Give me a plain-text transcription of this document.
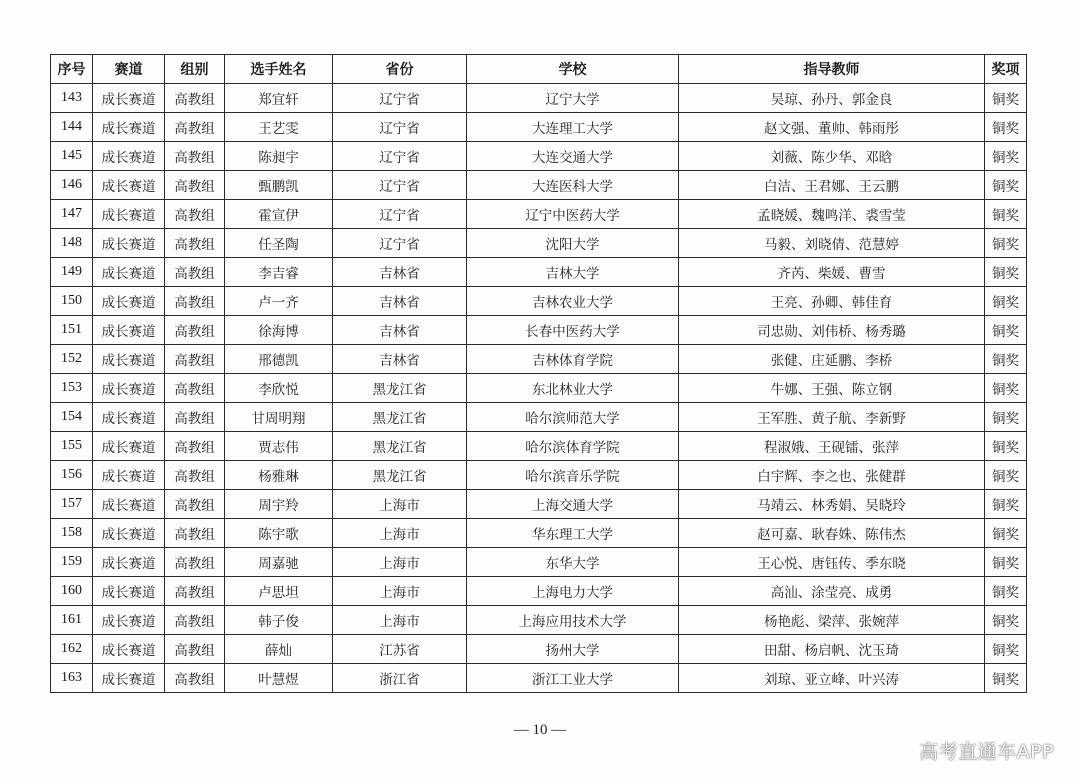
序号	赛道	组别	选手姓名	省份	学校	指导教师	奖项
143	成长赛道	高教组	郑宜轩	辽宁省	辽宁大学	吴琼、孙丹、郭金良	铜奖
144	成长赛道	高教组	王艺雯	辽宁省	大连理工大学	赵文强、董帅、韩雨彤	铜奖
145	成长赛道	高教组	陈昶宇	辽宁省	大连交通大学	刘薇、陈少华、邓晗	铜奖
146	成长赛道	高教组	甄鹏凯	辽宁省	大连医科大学	白洁、王君娜、王云鹏	铜奖
147	成长赛道	高教组	霍宣伊	辽宁省	辽宁中医药大学	孟晓媛、魏鸣洋、裘雪莹	铜奖
148	成长赛道	高教组	任圣陶	辽宁省	沈阳大学	马毅、刘晓倩、范慧婷	铜奖
149	成长赛道	高教组	李吉睿	吉林省	吉林大学	齐芮、柴媛、曹雪	铜奖
150	成长赛道	高教组	卢一齐	吉林省	吉林农业大学	王亮、孙卿、韩佳育	铜奖
151	成长赛道	高教组	徐海博	吉林省	长春中医药大学	司忠勋、刘伟桥、杨秀璐	铜奖
152	成长赛道	高教组	邢德凯	吉林省	吉林体育学院	张健、庄延鹏、李桥	铜奖
153	成长赛道	高教组	李欣悦	黑龙江省	东北林业大学	牛娜、王强、陈立钢	铜奖
154	成长赛道	高教组	甘周明翔	黑龙江省	哈尔滨师范大学	王军胜、黄子航、李新野	铜奖
155	成长赛道	高教组	贾志伟	黑龙江省	哈尔滨体育学院	程淑娥、王砚镭、张萍	铜奖
156	成长赛道	高教组	杨雅琳	黑龙江省	哈尔滨音乐学院	白宇辉、李之也、张健群	铜奖
157	成长赛道	高教组	周宇羚	上海市	上海交通大学	马靖云、林秀娟、吴晓玲	铜奖
158	成长赛道	高教组	陈宇歌	上海市	华东理工大学	赵可嘉、耿春姝、陈伟杰	铜奖
159	成长赛道	高教组	周嘉驰	上海市	东华大学	王心悦、唐钰传、季东晓	铜奖
160	成长赛道	高教组	卢思坦	上海市	上海电力大学	高汕、涂莹亮、成勇	铜奖
161	成长赛道	高教组	韩子俊	上海市	上海应用技术大学	杨艳彪、梁萍、张婉萍	铜奖
162	成长赛道	高教组	薛灿	江苏省	扬州大学	田甜、杨启帆、沈玉琦	铜奖
163	成长赛道	高教组	叶慧煜	浙江省	浙江工业大学	刘琼、亚立峰、叶兴涛	铜奖
— 10 —
高考直通车APP
